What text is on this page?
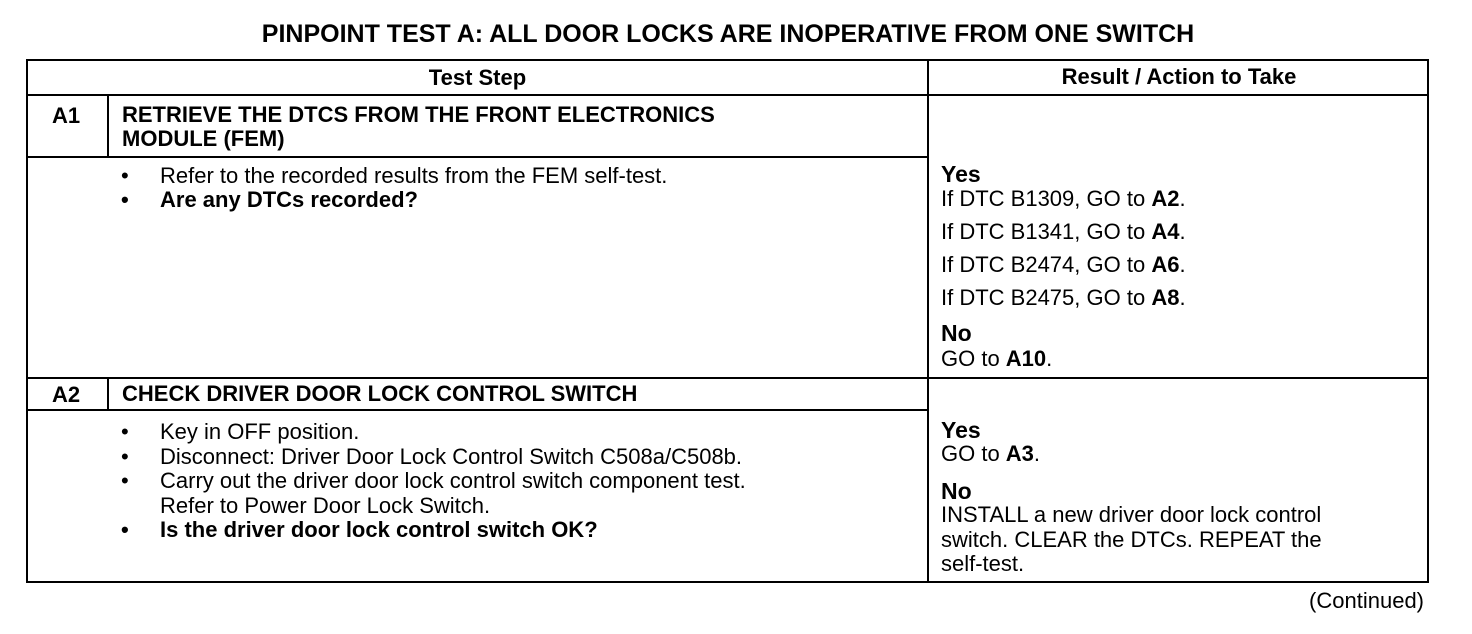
PINPOINT TEST A: ALL DOOR LOCKS ARE INOPERATIVE FROM ONE SWITCH
Test Step	Result / Action to Take
A1 RETRIEVE THE DTCS FROM THE FRONT ELECTRONICS
MODULE (FEM)
• Refer to the recorded results from the FEM self-test.
• Are any DTCs recorded?
Yes
If DTC B1309, GO to A2.
If DTC B1341, GO to A4.
If DTC B2474, GO to A6.
If DTC B2475, GO to A8.
No
GO to A10.
A2 CHECK DRIVER DOOR LOCK CONTROL SWITCH
• Key in OFF position.
• Disconnect: Driver Door Lock Control Switch C508a/C508b.
• Carry out the driver door lock control switch component test.
Refer to Power Door Lock Switch.
• Is the driver door lock control switch OK?
Yes
GO to A3.
No
INSTALL a new driver door lock control
switch. CLEAR the DTCs. REPEAT the
self-test.
(Continued)
